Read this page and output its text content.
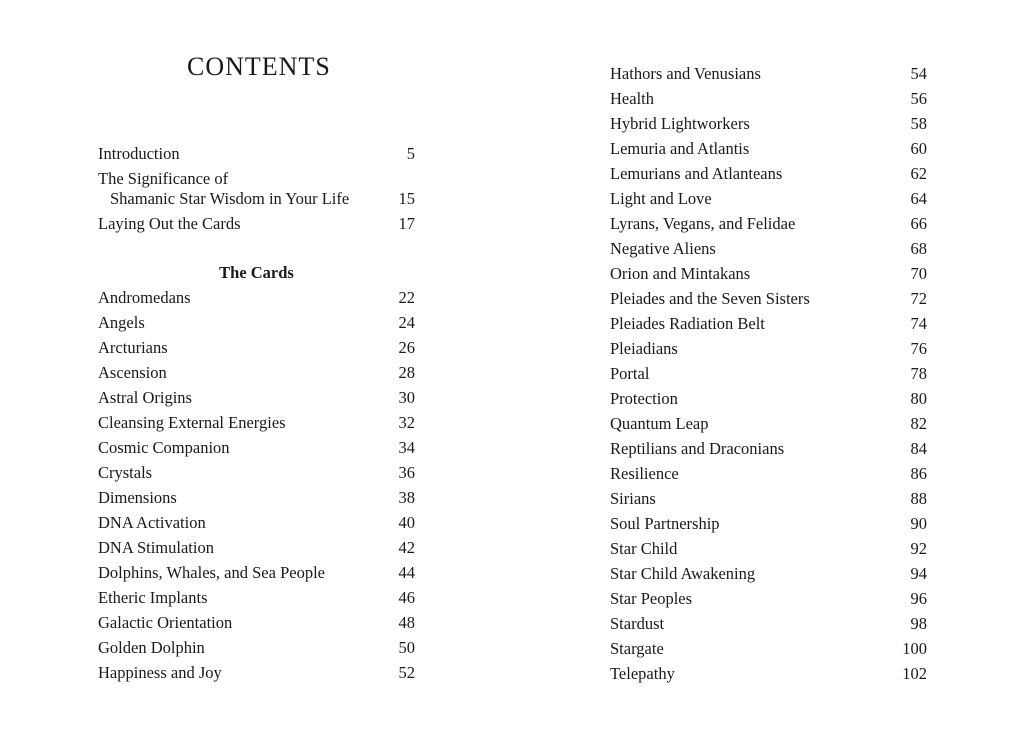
CONTENTS
Introduction	5
The Significance of
Shamanic Star Wisdom in Your Life	15
Laying Out the Cards	17
The Cards
Andromedans	22
Angels	24
Arcturians	26
Ascension	28
Astral Origins	30
Cleansing External Energies	32
Cosmic Companion	34
Crystals	36
Dimensions	38
DNA Activation	40
DNA Stimulation	42
Dolphins, Whales, and Sea People	44
Etheric Implants	46
Galactic Orientation	48
Golden Dolphin	50
Happiness and Joy	52
Hathors and Venusians	54
Health	56
Hybrid Lightworkers	58
Lemuria and Atlantis	60
Lemurians and Atlanteans	62
Light and Love	64
Lyrans, Vegans, and Felidae	66
Negative Aliens	68
Orion and Mintakans	70
Pleiades and the Seven Sisters	72
Pleiades Radiation Belt	74
Pleiadians	76
Portal	78
Protection	80
Quantum Leap	82
Reptilians and Draconians	84
Resilience	86
Sirians	88
Soul Partnership	90
Star Child	92
Star Child Awakening	94
Star Peoples	96
Stardust	98
Stargate	100
Telepathy	102
